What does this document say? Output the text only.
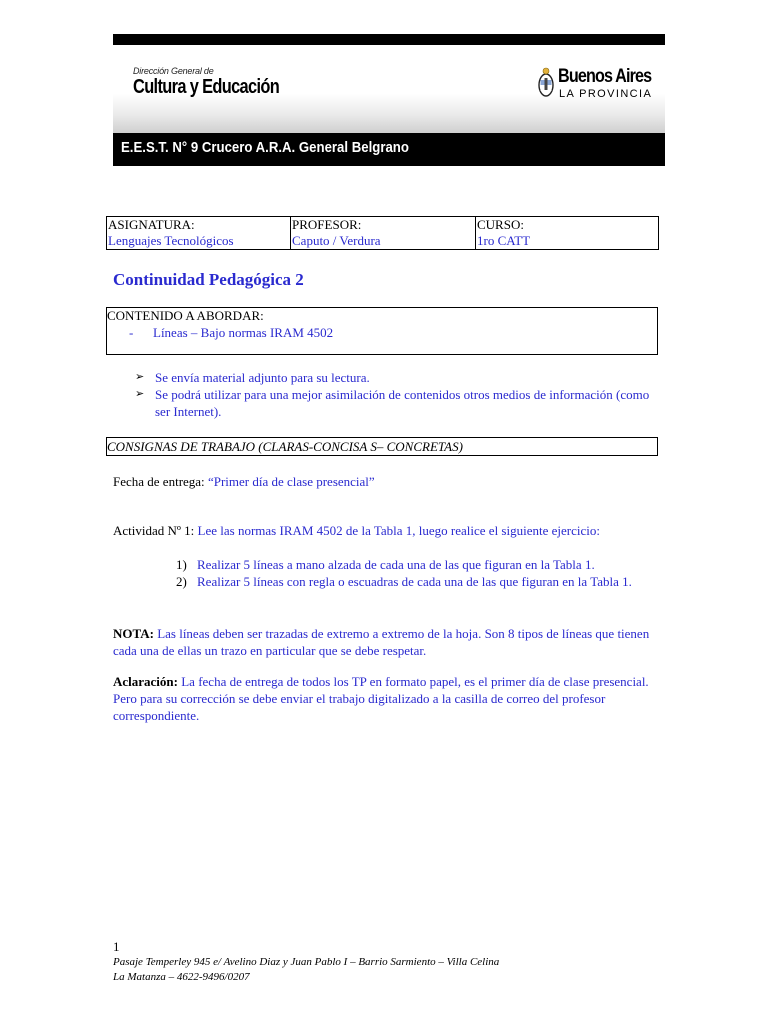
Dirección General de
Cultura y Educación	Buenos Aires
LA PROVINCIA
E.E.S.T. N° 9 Crucero A.R.A. General Belgrano
ASIGNATURA:
Lenguajes Tecnológicos

PROFESOR:
Caputo / Verdura

CURSO:
1ro CATT
Continuidad Pedagógica 2
CONTENIDO A ABORDAR:
- Líneas – Bajo normas IRAM 4502
➢ Se envía material adjunto para su lectura.
➢ Se podrá utilizar para una mejor asimilación de contenidos otros medios de información (como ser Internet).
CONSIGNAS DE TRABAJO (CLARAS-CONCISA S– CONCRETAS)
Fecha de entrega: “Primer día de clase presencial”
Actividad Nº 1: Lee las normas IRAM 4502 de la Tabla 1, luego realice el siguiente ejercicio:
1) Realizar 5 líneas a mano alzada de cada una de las que figuran en la Tabla 1.
2) Realizar 5 líneas con regla o escuadras de cada una de las que figuran en la Tabla 1.
NOTA: Las líneas deben ser trazadas de extremo a extremo de la hoja. Son 8 tipos de líneas que tienen cada una de ellas un trazo en particular que se debe respetar.
Aclaración: La fecha de entrega de todos los TP en formato papel, es el primer día de clase presencial. Pero para su corrección se debe enviar el trabajo digitalizado a la casilla de correo del profesor correspondiente.
1
Pasaje Temperley 945 e/ Avelino Diaz y Juan Pablo I – Barrio Sarmiento – Villa Celina
La Matanza – 4622-9496/0207
